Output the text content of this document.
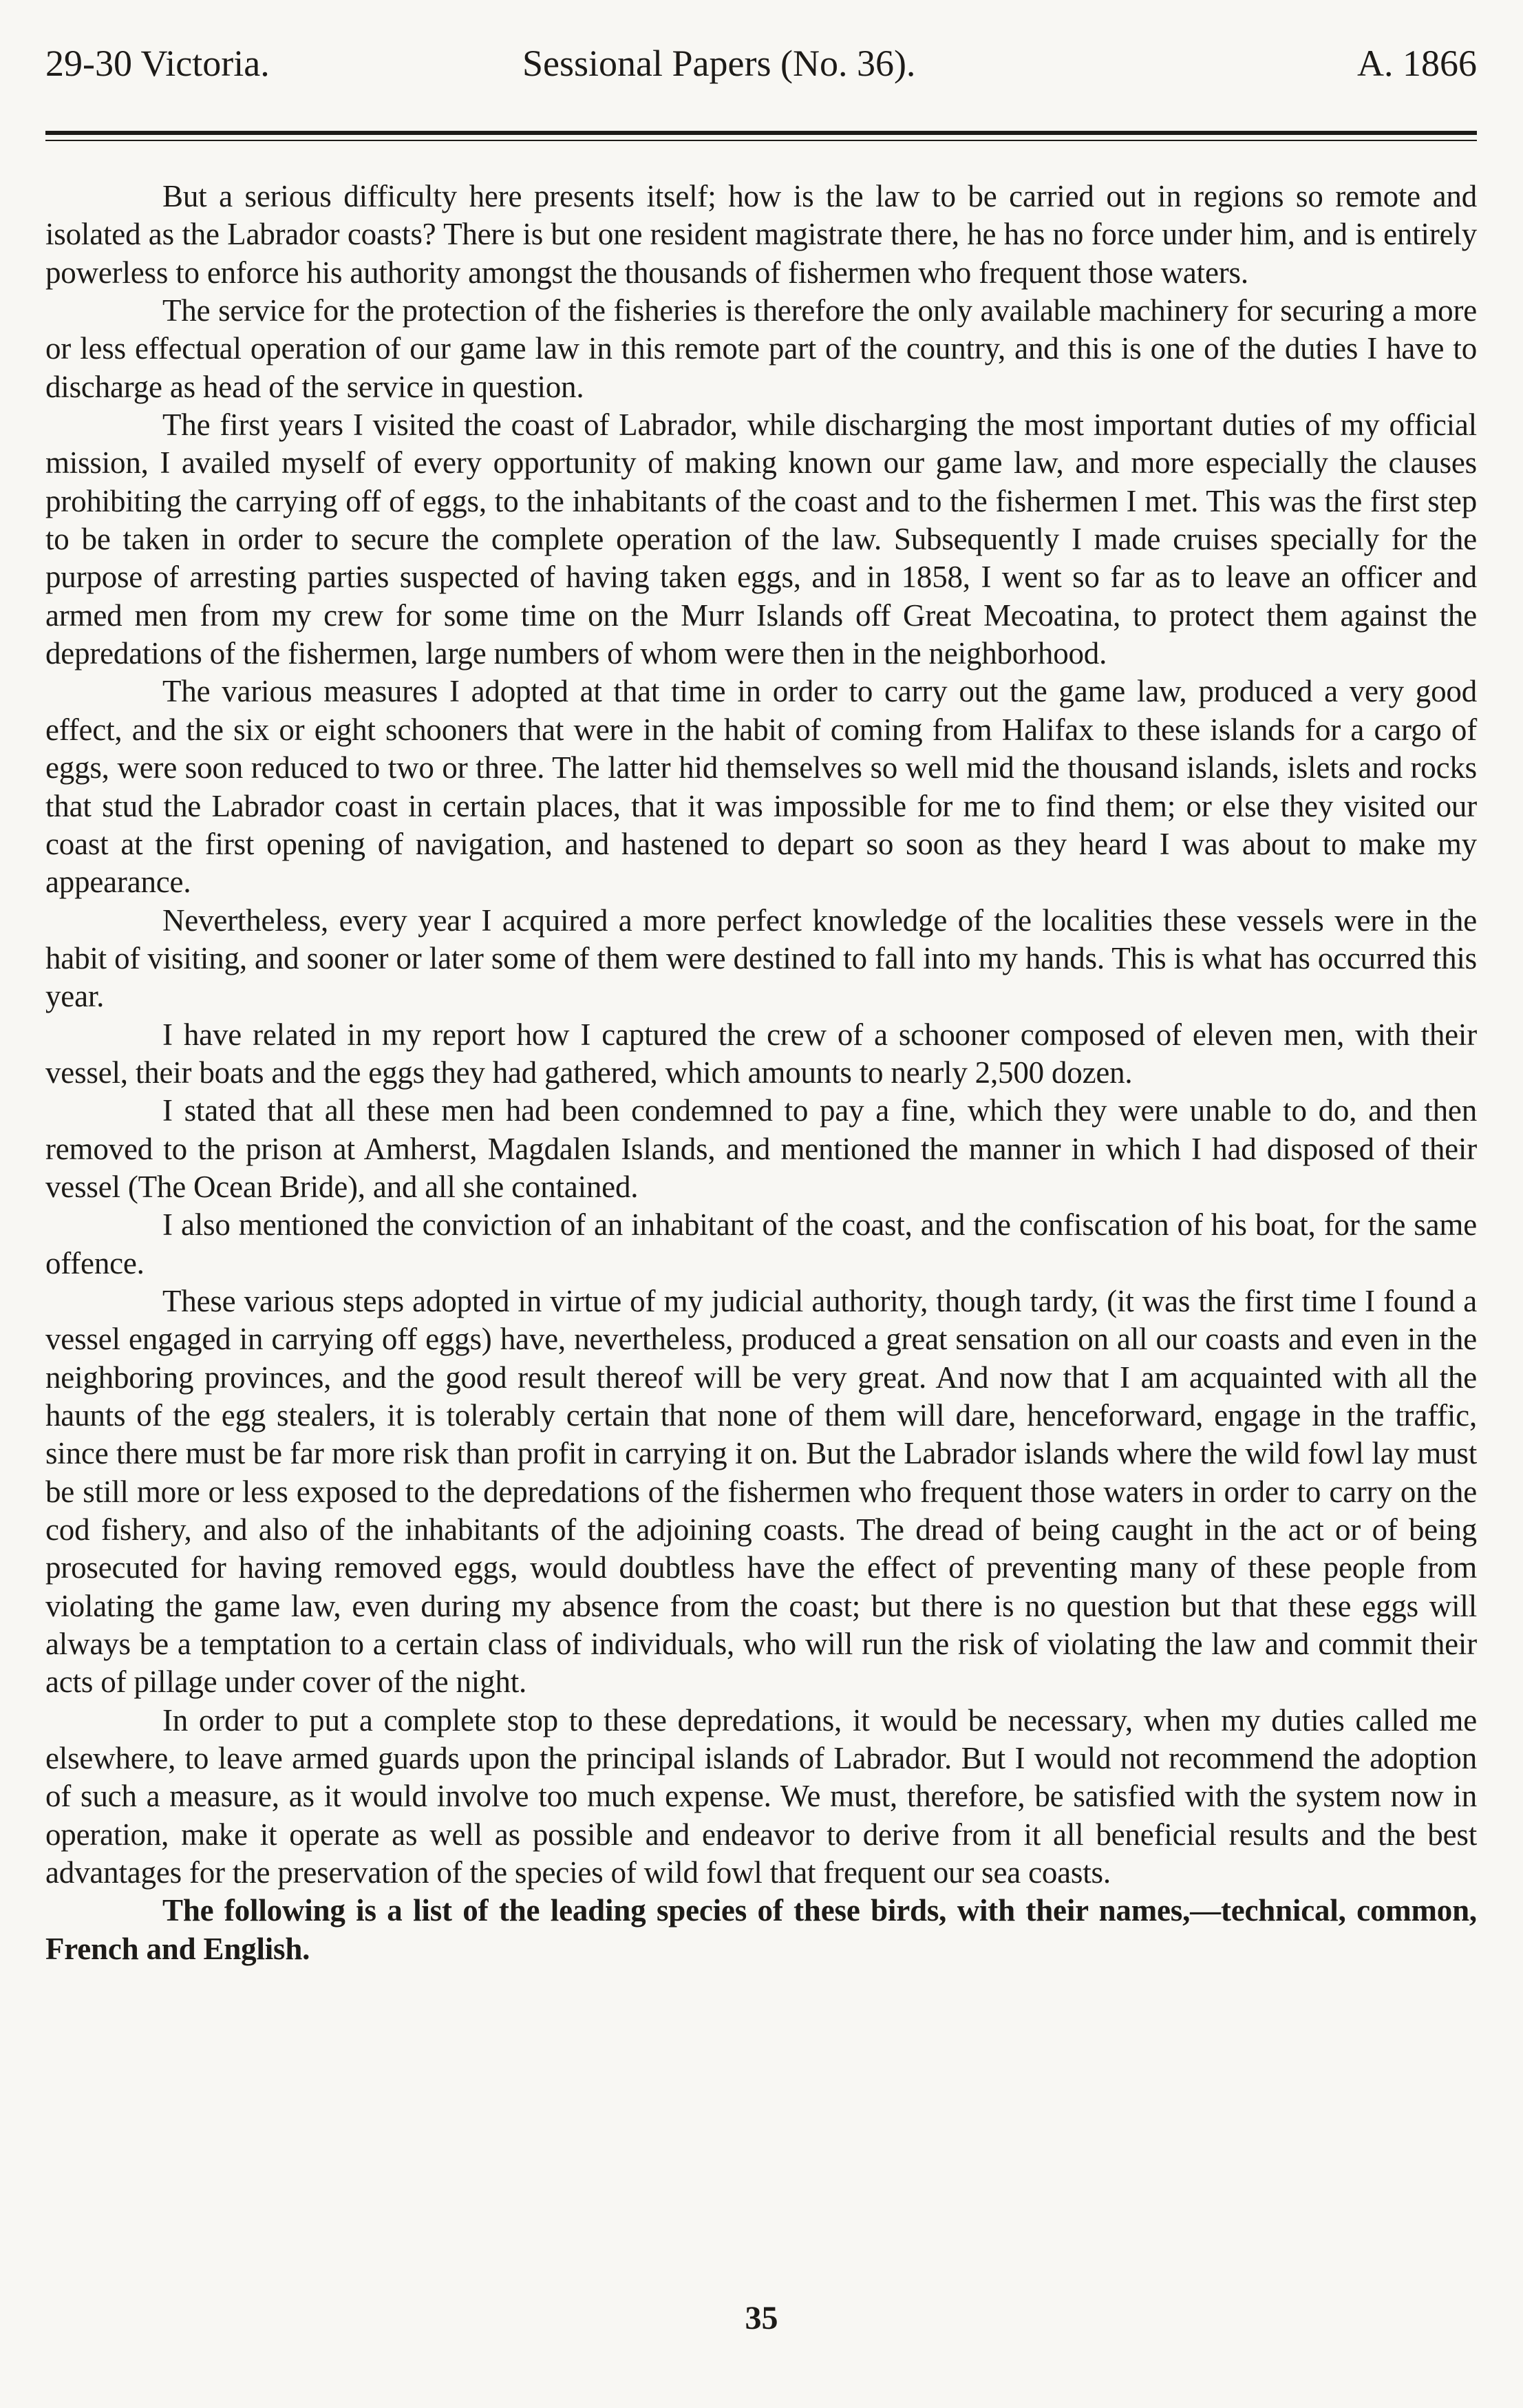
29-30 Victoria.	Sessional Papers (No. 36).	A. 1866

But a serious difficulty here presents itself; how is the law to be carried out in regions so remote and isolated as the Labrador coasts? There is but one resident magistrate there, he has no force under him, and is entirely powerless to enforce his authority amongst the thousands of fishermen who frequent those waters.

The service for the protection of the fisheries is therefore the only available machinery for securing a more or less effectual operation of our game law in this remote part of the country, and this is one of the duties I have to discharge as head of the service in question.

The first years I visited the coast of Labrador, while discharging the most important duties of my official mission, I availed myself of every opportunity of making known our game law, and more especially the clauses prohibiting the carrying off of eggs, to the inhabitants of the coast and to the fishermen I met. This was the first step to be taken in order to secure the complete operation of the law. Subsequently I made cruises specially for the purpose of arresting parties suspected of having taken eggs, and in 1858, I went so far as to leave an officer and armed men from my crew for some time on the Murr Islands off Great Mecoatina, to protect them against the depredations of the fishermen, large numbers of whom were then in the neighborhood.

The various measures I adopted at that time in order to carry out the game law, produced a very good effect, and the six or eight schooners that were in the habit of coming from Halifax to these islands for a cargo of eggs, were soon reduced to two or three. The latter hid themselves so well mid the thousand islands, islets and rocks that stud the Labrador coast in certain places, that it was impossible for me to find them; or else they visited our coast at the first opening of navigation, and hastened to depart so soon as they heard I was about to make my appearance.

Nevertheless, every year I acquired a more perfect knowledge of the localities these vessels were in the habit of visiting, and sooner or later some of them were destined to fall into my hands. This is what has occurred this year.

I have related in my report how I captured the crew of a schooner composed of eleven men, with their vessel, their boats and the eggs they had gathered, which amounts to nearly 2,500 dozen.

I stated that all these men had been condemned to pay a fine, which they were unable to do, and then removed to the prison at Amherst, Magdalen Islands, and mentioned the manner in which I had disposed of their vessel (The Ocean Bride), and all she contained.

I also mentioned the conviction of an inhabitant of the coast, and the confiscation of his boat, for the same offence.

These various steps adopted in virtue of my judicial authority, though tardy, (it was the first time I found a vessel engaged in carrying off eggs) have, nevertheless, produced a great sensation on all our coasts and even in the neighboring provinces, and the good result thereof will be very great. And now that I am acquainted with all the haunts of the egg stealers, it is tolerably certain that none of them will dare, henceforward, engage in the traffic, since there must be far more risk than profit in carrying it on. But the Labrador islands where the wild fowl lay must be still more or less exposed to the depredations of the fishermen who frequent those waters in order to carry on the cod fishery, and also of the inhabitants of the adjoining coasts. The dread of being caught in the act or of being prosecuted for having removed eggs, would doubtless have the effect of preventing many of these people from violating the game law, even during my absence from the coast; but there is no question but that these eggs will always be a temptation to a certain class of individuals, who will run the risk of violating the law and commit their acts of pillage under cover of the night.

In order to put a complete stop to these depredations, it would be necessary, when my duties called me elsewhere, to leave armed guards upon the principal islands of Labrador. But I would not recommend the adoption of such a measure, as it would involve too much expense. We must, therefore, be satisfied with the system now in operation, make it operate as well as possible and endeavor to derive from it all beneficial results and the best advantages for the preservation of the species of wild fowl that frequent our sea coasts.

The following is a list of the leading species of these birds, with their names,—technical, common, French and English.

35
